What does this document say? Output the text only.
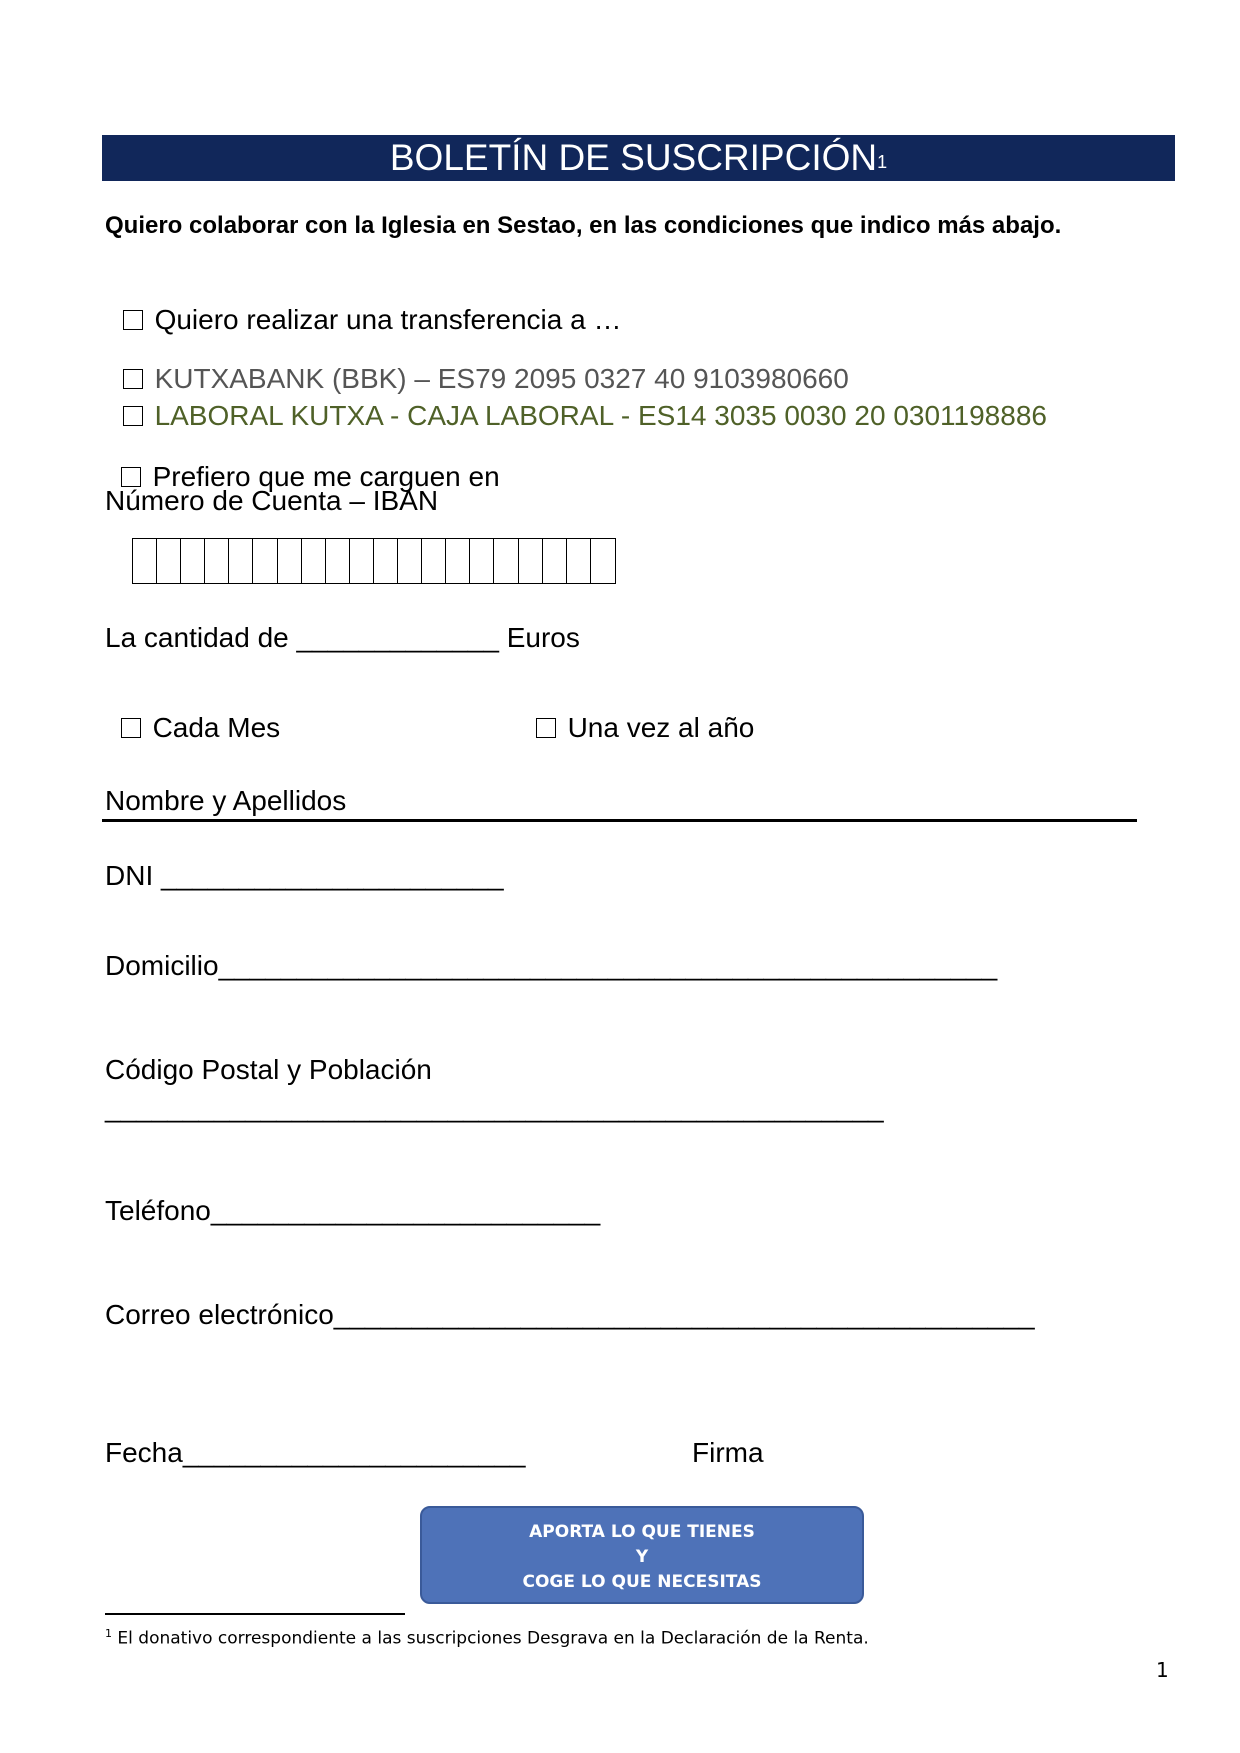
BOLETÍN DE SUSCRIPCIÓN$^1$
Quiero colaborar con la Iglesia en Sestao, en las condiciones que indico más abajo.

Quiero realizar una transferencia a …

KUTXABANK (BBK) – ES79 2095 0327 40 9103980660

LABORAL KUTXA - CAJA LABORAL - ES14 3035 0030 20 0301198886

Prefiero que me carguen en

Número de Cuenta – IBAN
La cantidad de _____________ Euros

Cada Mes	Una vez al año

Nombre y Apellidos
DNI ______________________
Domicilio__________________________________________________
Código Postal y Población
__________________________________________________
Teléfono_________________________
Correo electrónico_____________________________________________
Fecha______________________	Firma
APORTA LO QUE TIENES
Y
COGE LO QUE NECESITAS
$^1$ El donativo correspondiente a las suscripciones Desgrava en la Declaración de la Renta.
1
